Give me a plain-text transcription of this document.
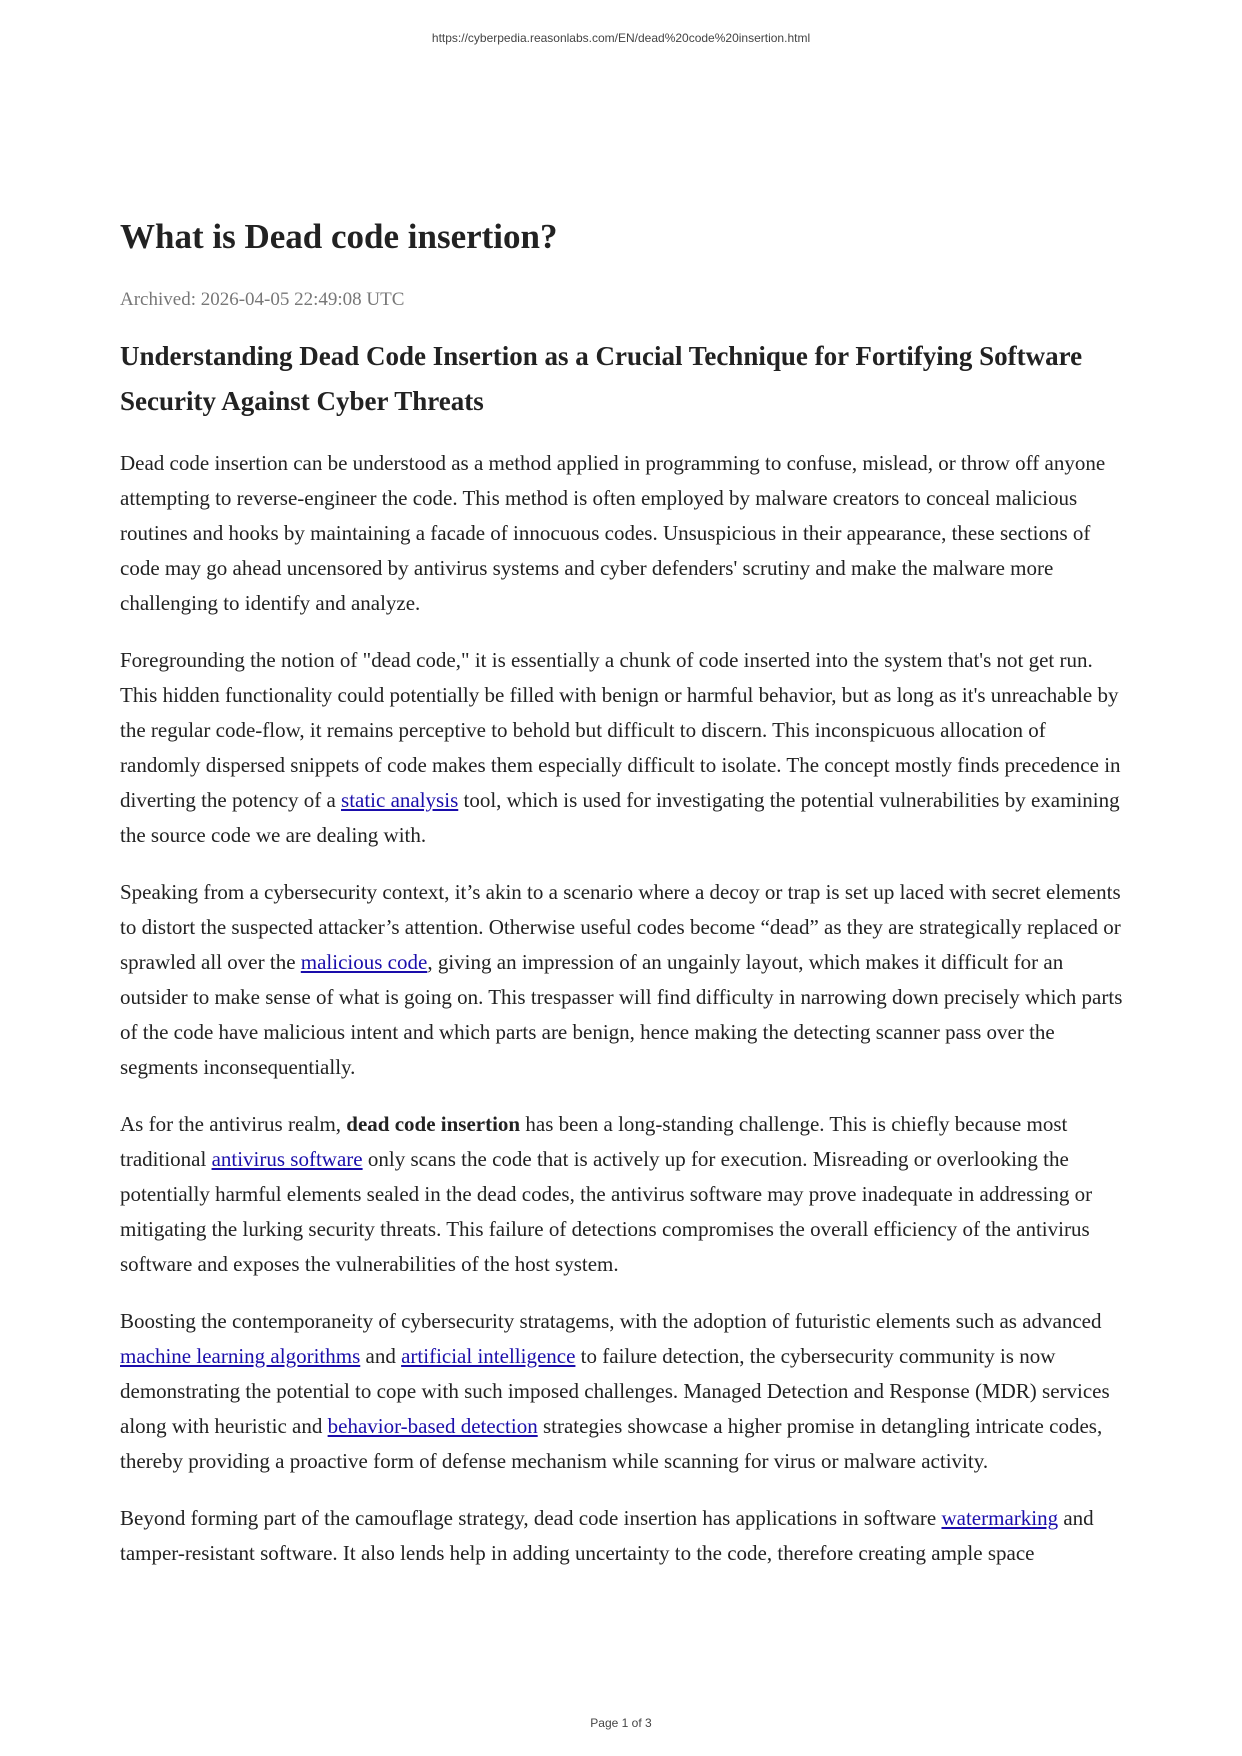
https://cyberpedia.reasonlabs.com/EN/dead%20code%20insertion.html
What is Dead code insertion?
Archived: 2026-04-05 22:49:08 UTC
Understanding Dead Code Insertion as a Crucial Technique for Fortifying Software Security Against Cyber Threats

Dead code insertion can be understood as a method applied in programming to confuse, mislead, or throw off anyone attempting to reverse-engineer the code. This method is often employed by malware creators to conceal malicious routines and hooks by maintaining a facade of innocuous codes. Unsuspicious in their appearance, these sections of code may go ahead uncensored by antivirus systems and cyber defenders' scrutiny and make the malware more challenging to identify and analyze.

Foregrounding the notion of "dead code," it is essentially a chunk of code inserted into the system that's not get run. This hidden functionality could potentially be filled with benign or harmful behavior, but as long as it's unreachable by the regular code-flow, it remains perceptive to behold but difficult to discern. This inconspicuous allocation of randomly dispersed snippets of code makes them especially difficult to isolate. The concept mostly finds precedence in diverting the potency of a static analysis tool, which is used for investigating the potential vulnerabilities by examining the source code we are dealing with.

Speaking from a cybersecurity context, it’s akin to a scenario where a decoy or trap is set up laced with secret elements to distort the suspected attacker’s attention. Otherwise useful codes become “dead” as they are strategically replaced or sprawled all over the malicious code, giving an impression of an ungainly layout, which makes it difficult for an outsider to make sense of what is going on. This trespasser will find difficulty in narrowing down precisely which parts of the code have malicious intent and which parts are benign, hence making the detecting scanner pass over the segments inconsequentially.

As for the antivirus realm, dead code insertion has been a long-standing challenge. This is chiefly because most traditional antivirus software only scans the code that is actively up for execution. Misreading or overlooking the potentially harmful elements sealed in the dead codes, the antivirus software may prove inadequate in addressing or mitigating the lurking security threats. This failure of detections compromises the overall efficiency of the antivirus software and exposes the vulnerabilities of the host system.

Boosting the contemporaneity of cybersecurity stratagems, with the adoption of futuristic elements such as advanced machine learning algorithms and artificial intelligence to failure detection, the cybersecurity community is now demonstrating the potential to cope with such imposed challenges. Managed Detection and Response (MDR) services along with heuristic and behavior-based detection strategies showcase a higher promise in detangling intricate codes, thereby providing a proactive form of defense mechanism while scanning for virus or malware activity.

Beyond forming part of the camouflage strategy, dead code insertion has applications in software watermarking and tamper-resistant software. It also lends help in adding uncertainty to the code, therefore creating ample space

Page 1 of 3
